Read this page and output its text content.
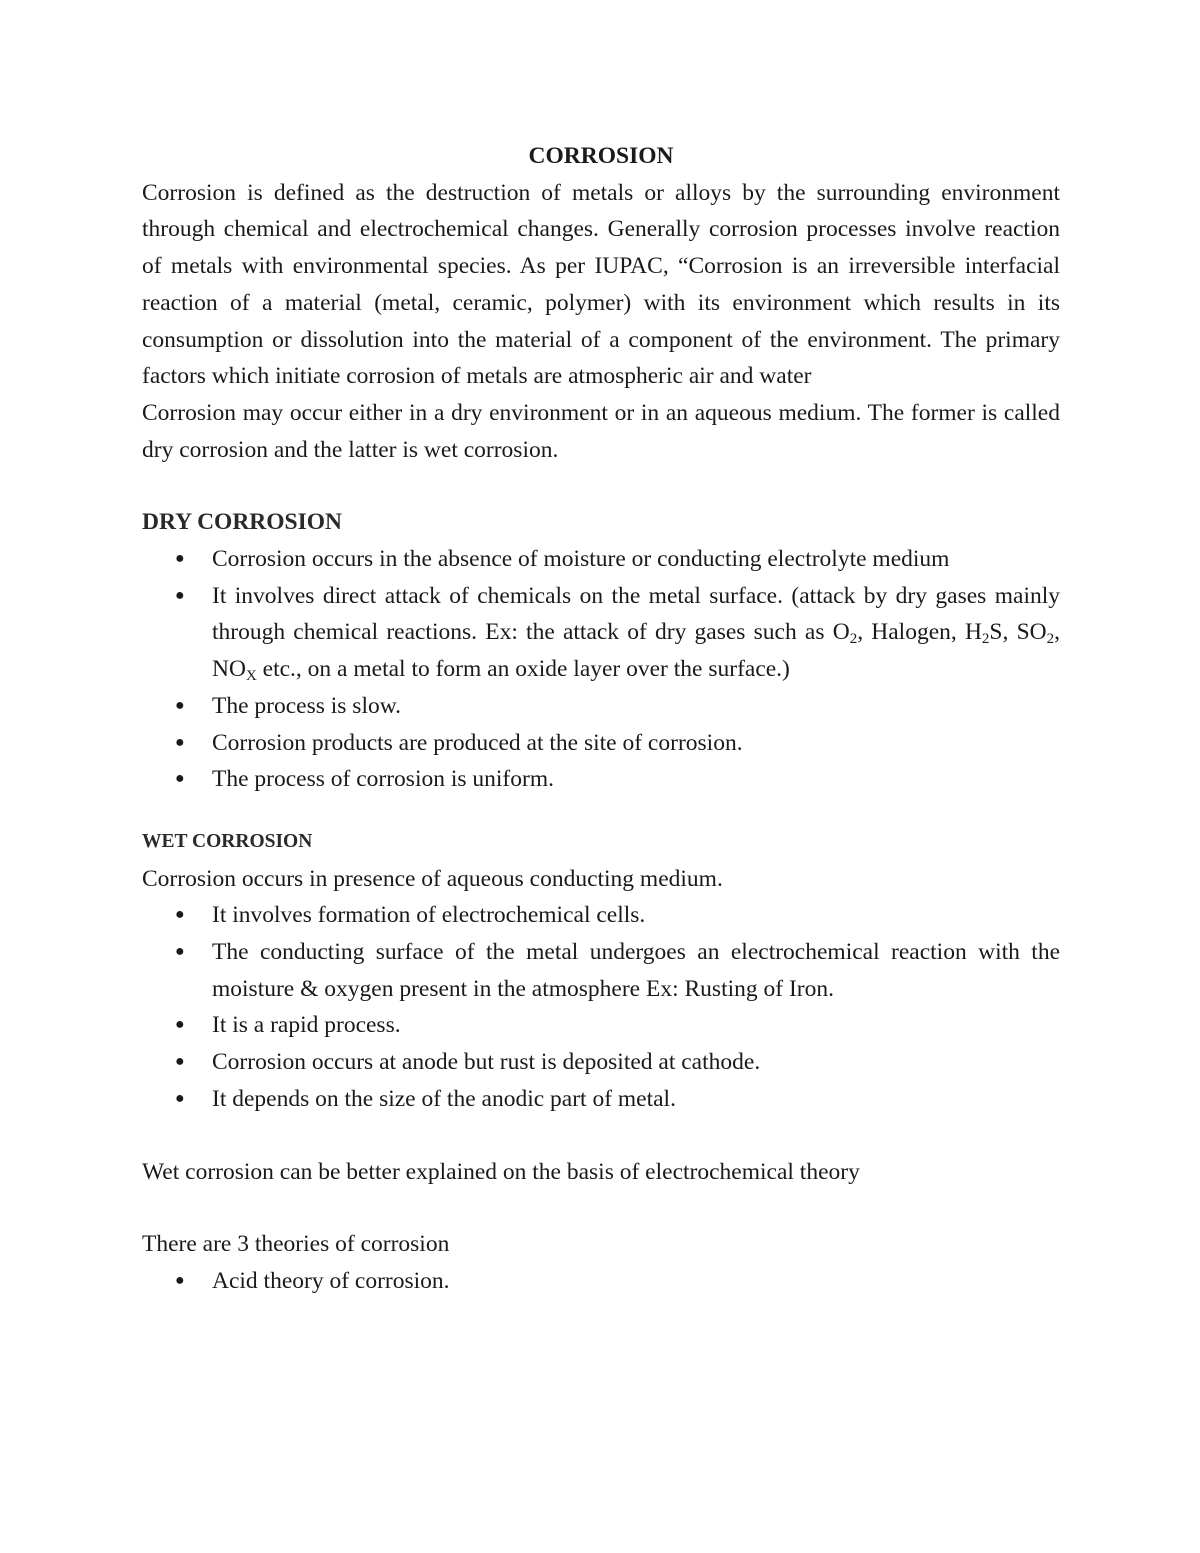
CORROSION

Corrosion is defined as the destruction of metals or alloys by the surrounding environment through chemical and electrochemical changes. Generally corrosion processes involve reaction of metals with environmental species. As per IUPAC, “Corrosion is an irreversible interfacial reaction of a material (metal, ceramic, polymer) with its environment which results in its consumption or dissolution into the material of a component of the environment. The primary factors which initiate corrosion of metals are atmospheric air and water

Corrosion may occur either in a dry environment or in an aqueous medium. The former is called dry corrosion and the latter is wet corrosion.

DRY CORROSION
● Corrosion occurs in the absence of moisture or conducting electrolyte medium
● It involves direct attack of chemicals on the metal surface. (attack by dry gases mainly through chemical reactions. Ex: the attack of dry gases such as $O_2$, Halogen, $H_2S$, $SO_2$, $NO_X$ etc., on a metal to form an oxide layer over the surface.)
● The process is slow.
● Corrosion products are produced at the site of corrosion.
● The process of corrosion is uniform.
WET CORROSION

Corrosion occurs in presence of aqueous conducting medium.

● It involves formation of electrochemical cells.
● The conducting surface of the metal undergoes an electrochemical reaction with the moisture & oxygen present in the atmosphere Ex: Rusting of Iron.
● It is a rapid process.
● Corrosion occurs at anode but rust is deposited at cathode.
● It depends on the size of the anodic part of metal.

Wet corrosion can be better explained on the basis of electrochemical theory

There are 3 theories of corrosion

● Acid theory of corrosion.
